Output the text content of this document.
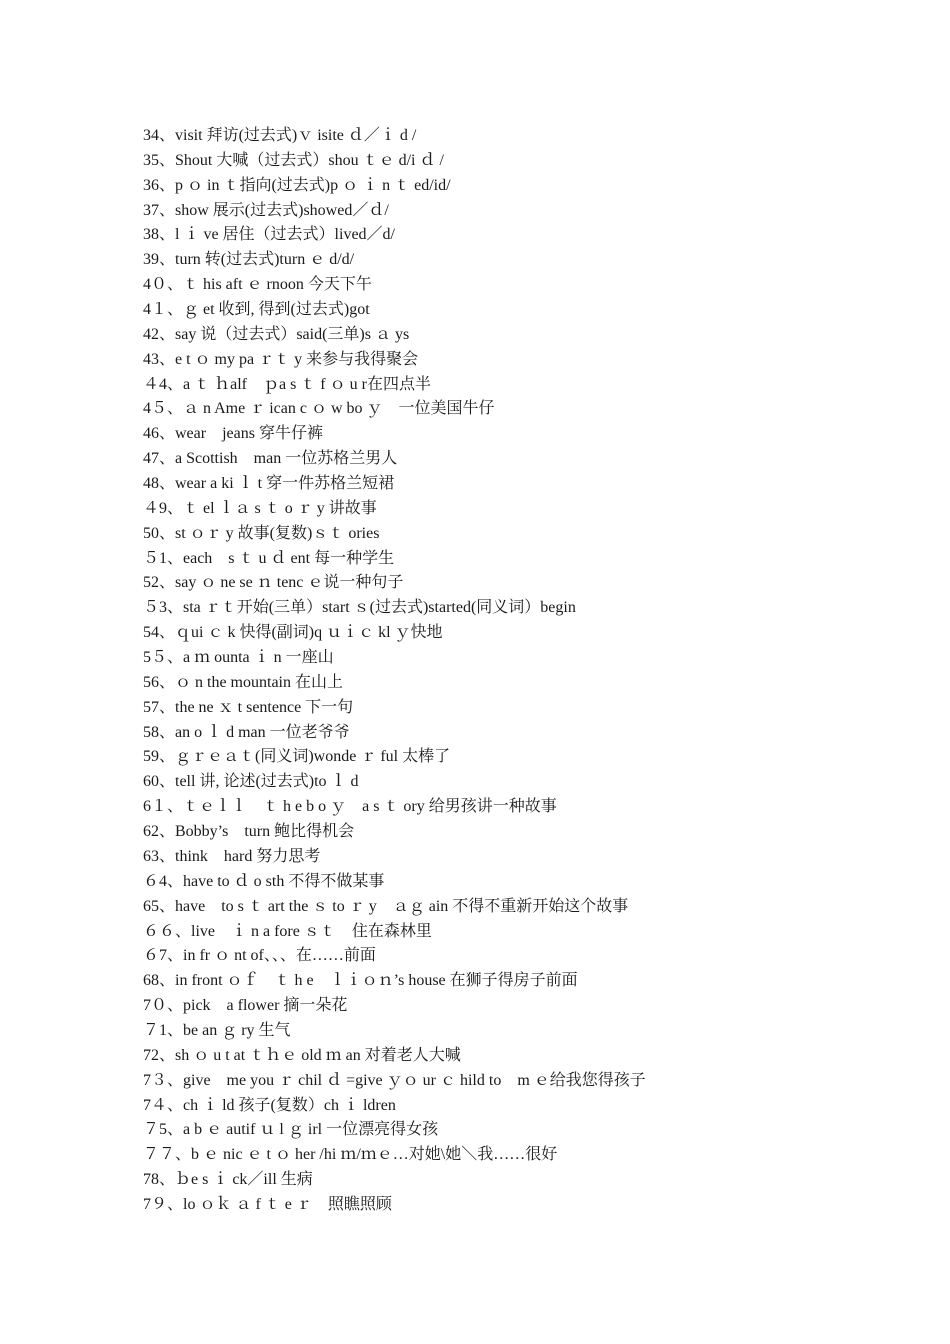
34、visit 拜访(过去式)ｖ isite ｄ／ｉ d /
35、Shout 大喊（过去式）shou ｔｅ d/i ｄ /
36、p ｏ in ｔ指向(过去式)p ｏ ｉ n ｔ ed/id/
37、show 展示(过去式)showed／ｄ/
38、l ｉ ve 居住（过去式）lived／d/
39、turn 转(过去式)turn ｅ d/d/
4０、ｔ his aft ｅ rnoon 今天下午
4１、ｇ et 收到, 得到(过去式)got
42、say 说（过去式）said(三单)s ａ ys
43、e t ｏ my pa ｒｔ y 来参与我得聚会
４4、a ｔ ｈalf　ｐa s ｔ f ｏ u r在四点半
4５、ａ n Ame ｒ ican c ｏ w bo ｙ　一位美国牛仔
46、wear　jeans 穿牛仔裤
47、a Scottish　man 一位苏格兰男人
48、wear a ki ｌ t 穿一件苏格兰短裙
４9、ｔ el ｌａ s ｔ o ｒ y 讲故事
50、st ｏｒ y 故事(复数)ｓｔ ories
５1、each　s ｔ u ｄ ent 每一种学生
52、say ｏ ne se ｎ tenc ｅ说一种句子
５3、sta ｒｔ开始(三单）start ｓ(过去式)started(同义词）begin
54、ｑui ｃ k 快得(副词)q ｕｉｃ kl ｙ快地
5５、a ｍ ounta ｉ n 一座山
56、ｏ n the mountain 在山上
57、the ne ｘ t sentence 下一句
58、an o ｌ d man 一位老爷爷
59、ｇｒｅａｔ(同义词)wonde ｒ ful 太棒了
60、tell 讲, 论述(过去式)to ｌ d
6１、ｔｅｌｌ　ｔ h e b o ｙ　a s ｔ ory 给男孩讲一种故事
62、Bobby’s　turn 鲍比得机会
63、think　hard 努力思考
６4、have to ｄ o sth 不得不做某事
65、have　to s ｔ art the ｓ to ｒ y　ａｇ ain 不得不重新开始这个故事
６６、live　ｉ n a fore ｓｔ　住在森林里
６7、in fr ｏ nt of、、、在……前面
68、in front ｏｆ　ｔ h e　ｌｉｏｎ’s house 在狮子得房子前面
7０、pick　a flower 摘一朵花
７1、be an ｇ ry 生气
72、sh ｏ u t at ｔｈｅ old ｍ an 对着老人大喊
7３、give　me you ｒ chil ｄ =give ｙｏ ur ｃ hild to　m ｅ给我您得孩子
7４、ch ｉ ld 孩子(复数）ch ｉ ldren
７5、a b ｅ autif ｕ l ｇ irl 一位漂亮得女孩
７７、b ｅ nic ｅ t ｏ her /hi ｍ/ｍｅ…对她\她＼我……很好
78、ｂe s ｉ ck／ill 生病
7９、lo ｏｋ ａ f ｔ e ｒ　照瞧照顾
